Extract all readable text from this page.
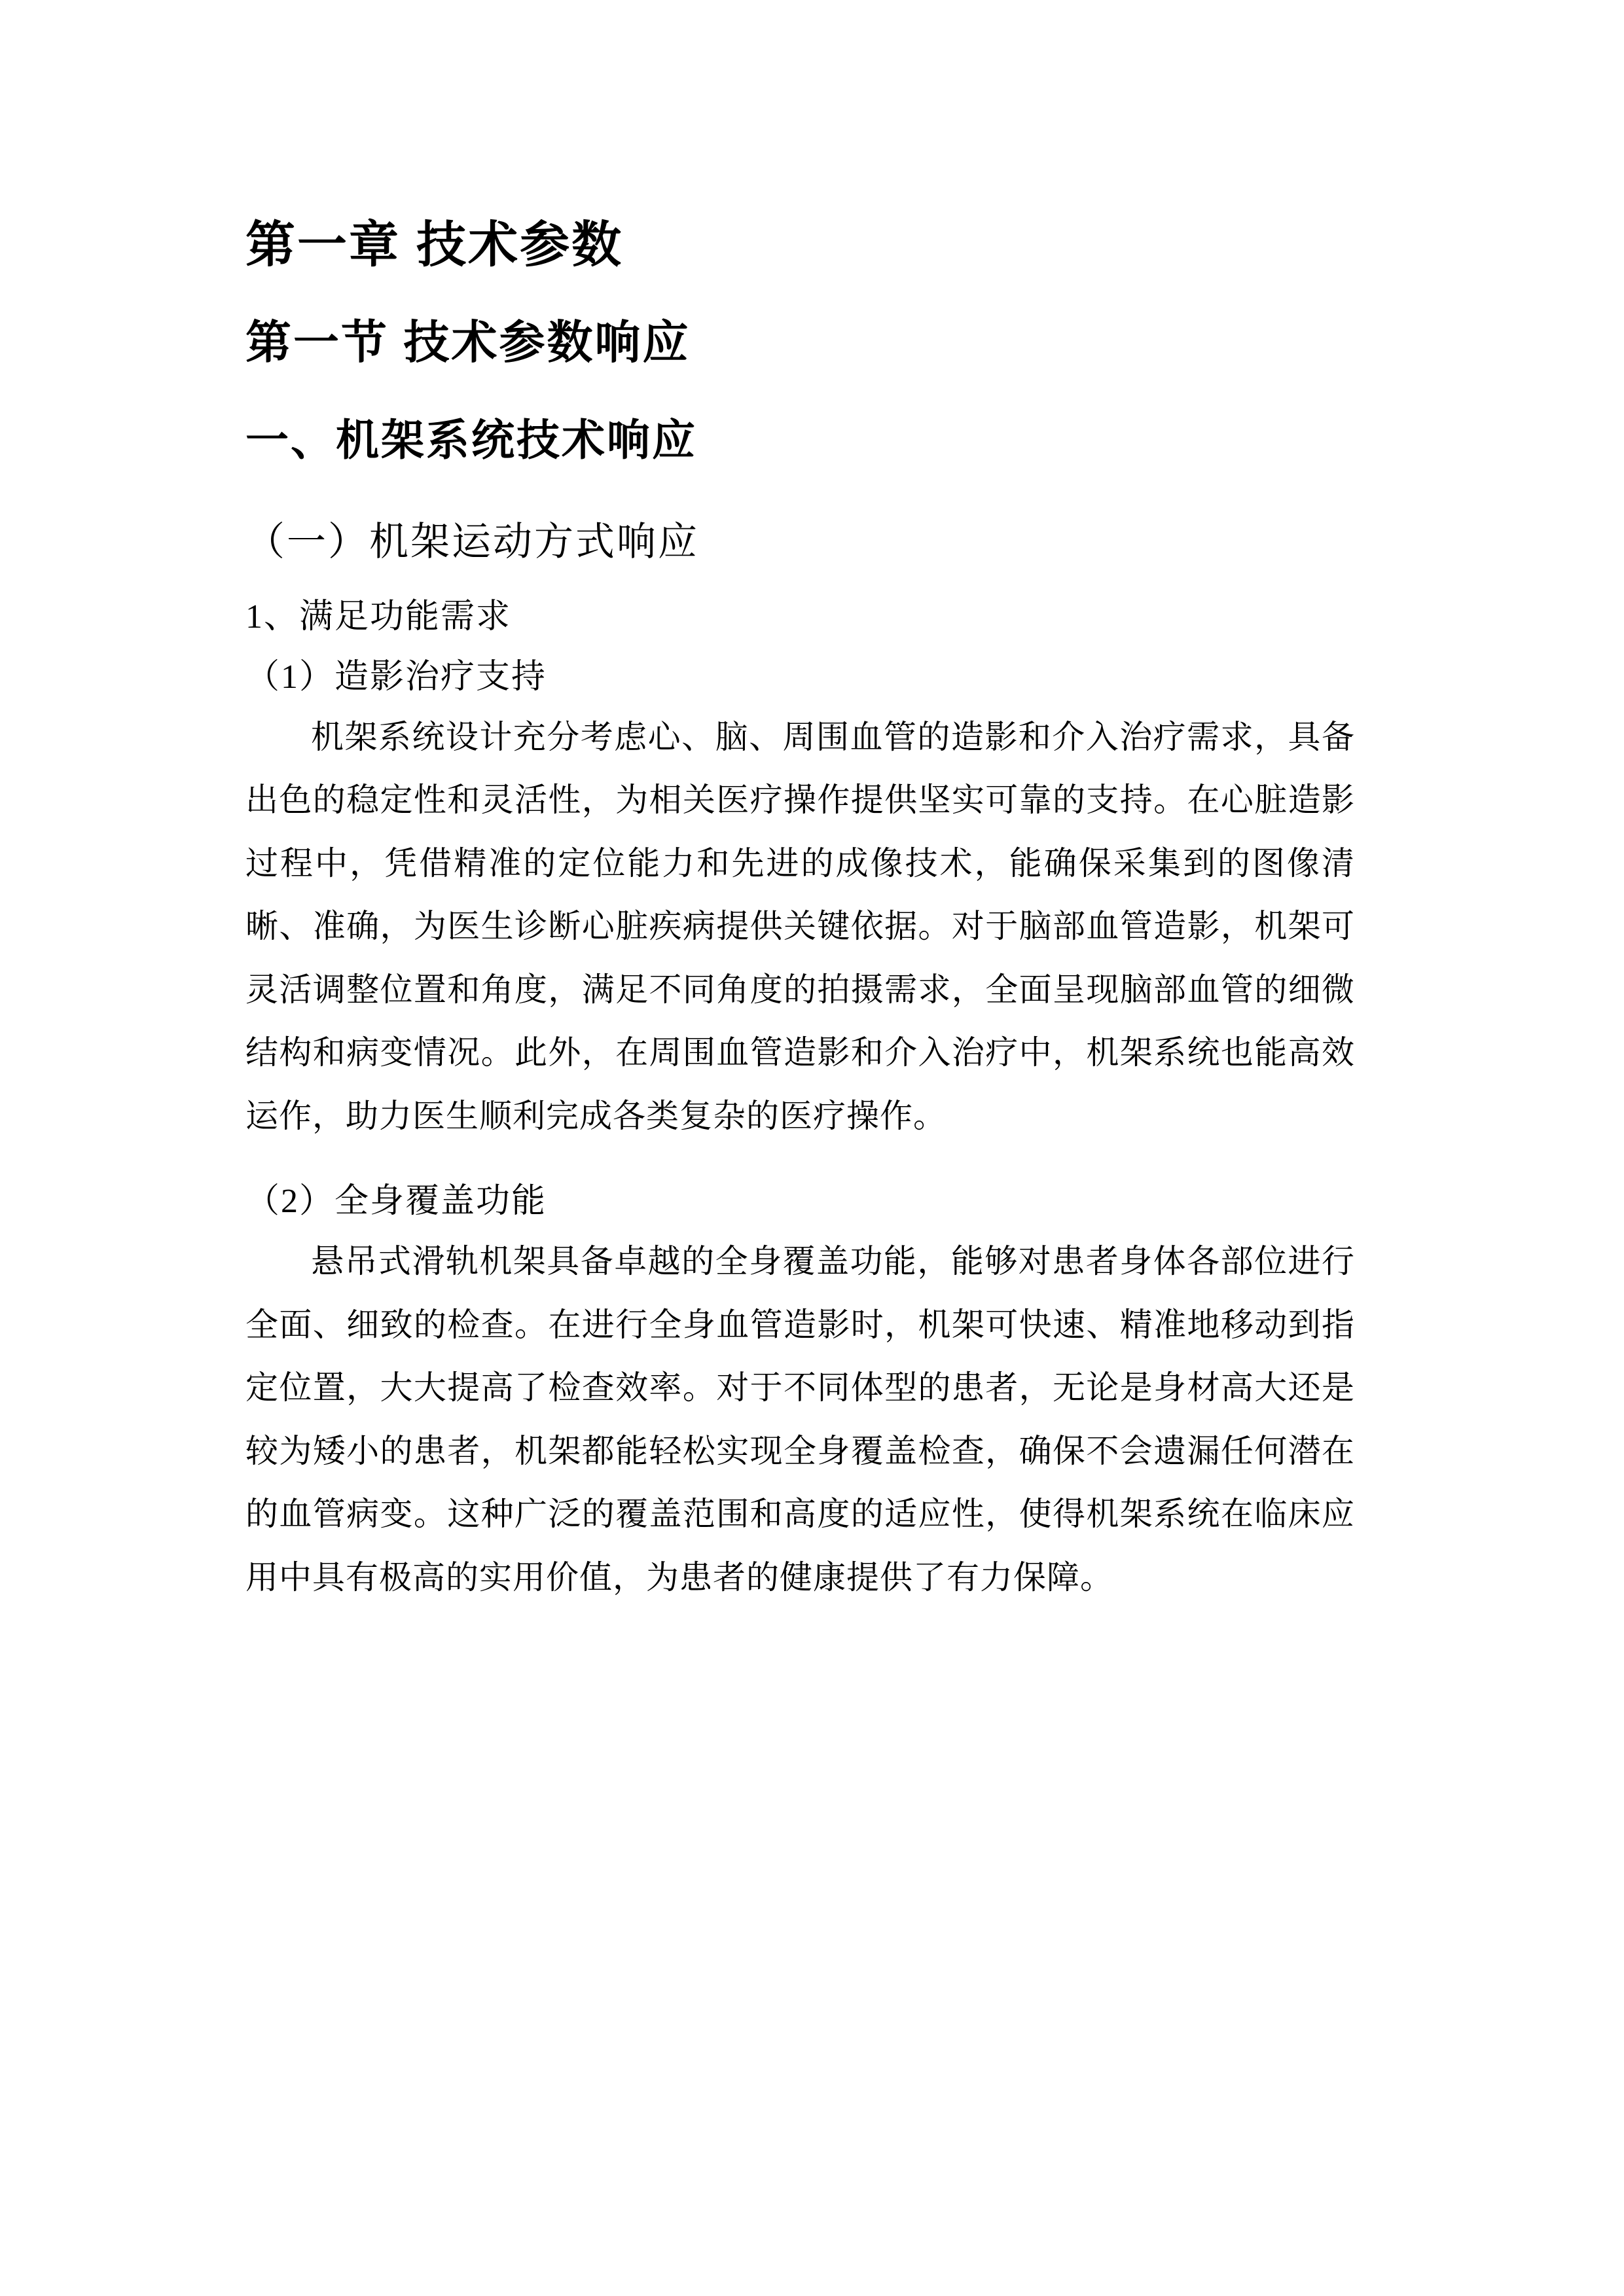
第一章 技术参数
第一节 技术参数响应
一、机架系统技术响应
（一）机架运动方式响应
1、满足功能需求
（1）造影治疗支持

机架系统设计充分考虑心、脑、周围血管的造影和介入治疗需求，具备出色的稳定性和灵活性，为相关医疗操作提供坚实可靠的支持。在心脏造影过程中，凭借精准的定位能力和先进的成像技术，能确保采集到的图像清晰、准确，为医生诊断心脏疾病提供关键依据。对于脑部血管造影，机架可灵活调整位置和角度，满足不同角度的拍摄需求，全面呈现脑部血管的细微结构和病变情况。此外，在周围血管造影和介入治疗中，机架系统也能高效运作，助力医生顺利完成各类复杂的医疗操作。

（2）全身覆盖功能

悬吊式滑轨机架具备卓越的全身覆盖功能，能够对患者身体各部位进行全面、细致的检查。在进行全身血管造影时，机架可快速、精准地移动到指定位置，大大提高了检查效率。对于不同体型的患者，无论是身材高大还是较为矮小的患者，机架都能轻松实现全身覆盖检查，确保不会遗漏任何潜在的血管病变。这种广泛的覆盖范围和高度的适应性，使得机架系统在临床应用中具有极高的实用价值，为患者的健康提供了有力保障。
